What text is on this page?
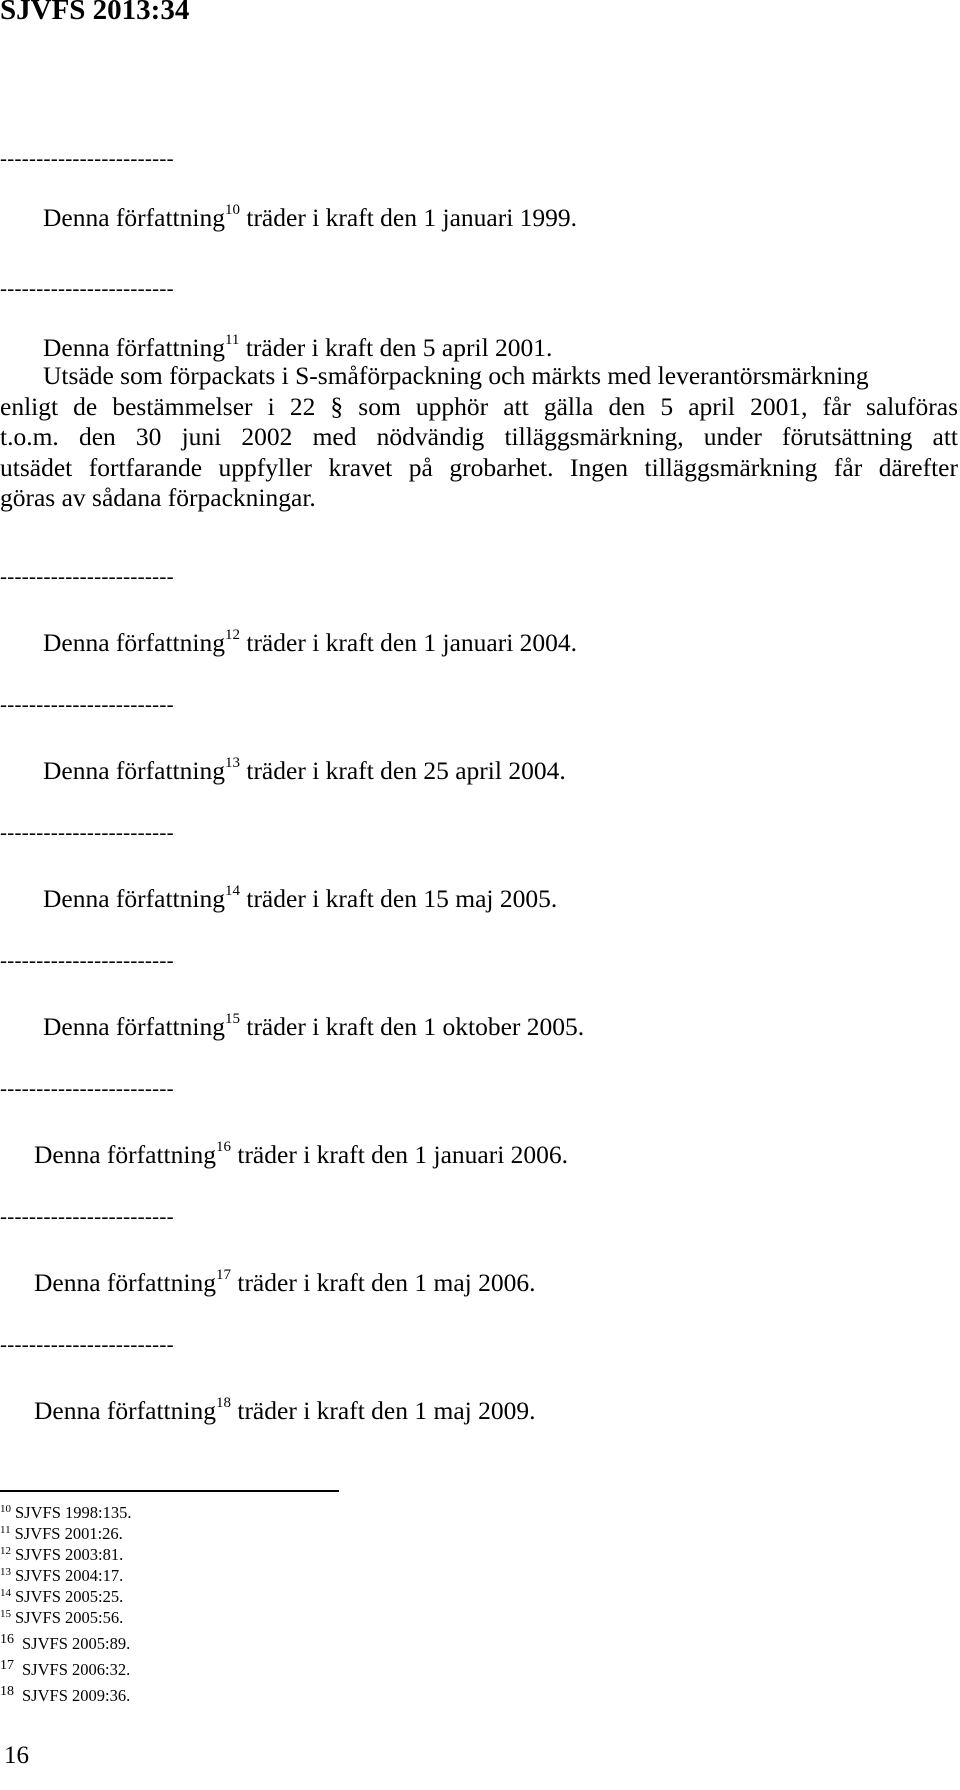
SJVFS 2013:34
------------------------
Denna författning$^{10}$ träder i kraft den 1 januari 1999.
------------------------
Denna författning$^{11}$ träder i kraft den 5 april 2001.
Utsäde som förpackats i S-småförpackning och märkts med leverantörsmärkning
enligt de bestämmelser i 22 § som upphör att gälla den 5 april 2001, får saluföras
t.o.m. den 30 juni 2002 med nödvändig tilläggsmärkning, under förutsättning att
utsädet fortfarande uppfyller kravet på grobarhet. Ingen tilläggsmärkning får därefter
göras av sådana förpackningar.
------------------------
Denna författning$^{12}$ träder i kraft den 1 januari 2004.
------------------------
Denna författning$^{13}$ träder i kraft den 25 april 2004.
------------------------
Denna författning$^{14}$ träder i kraft den 15 maj 2005.
------------------------
Denna författning$^{15}$ träder i kraft den 1 oktober 2005.
------------------------
Denna författning$^{16}$ träder i kraft den 1 januari 2006.
------------------------
Denna författning$^{17}$ träder i kraft den 1 maj 2006.
------------------------
Denna författning$^{18}$ träder i kraft den 1 maj 2009.
$^{10}$ SJVFS 1998:135.
$^{11}$ SJVFS 2001:26.
$^{12}$ SJVFS 2003:81.
$^{13}$ SJVFS 2004:17.
$^{14}$ SJVFS 2005:25.
$^{15}$ SJVFS 2005:56.
$^{16}$ SJVFS 2005:89.
$^{17}$ SJVFS 2006:32.
$^{18}$ SJVFS 2009:36.
16
